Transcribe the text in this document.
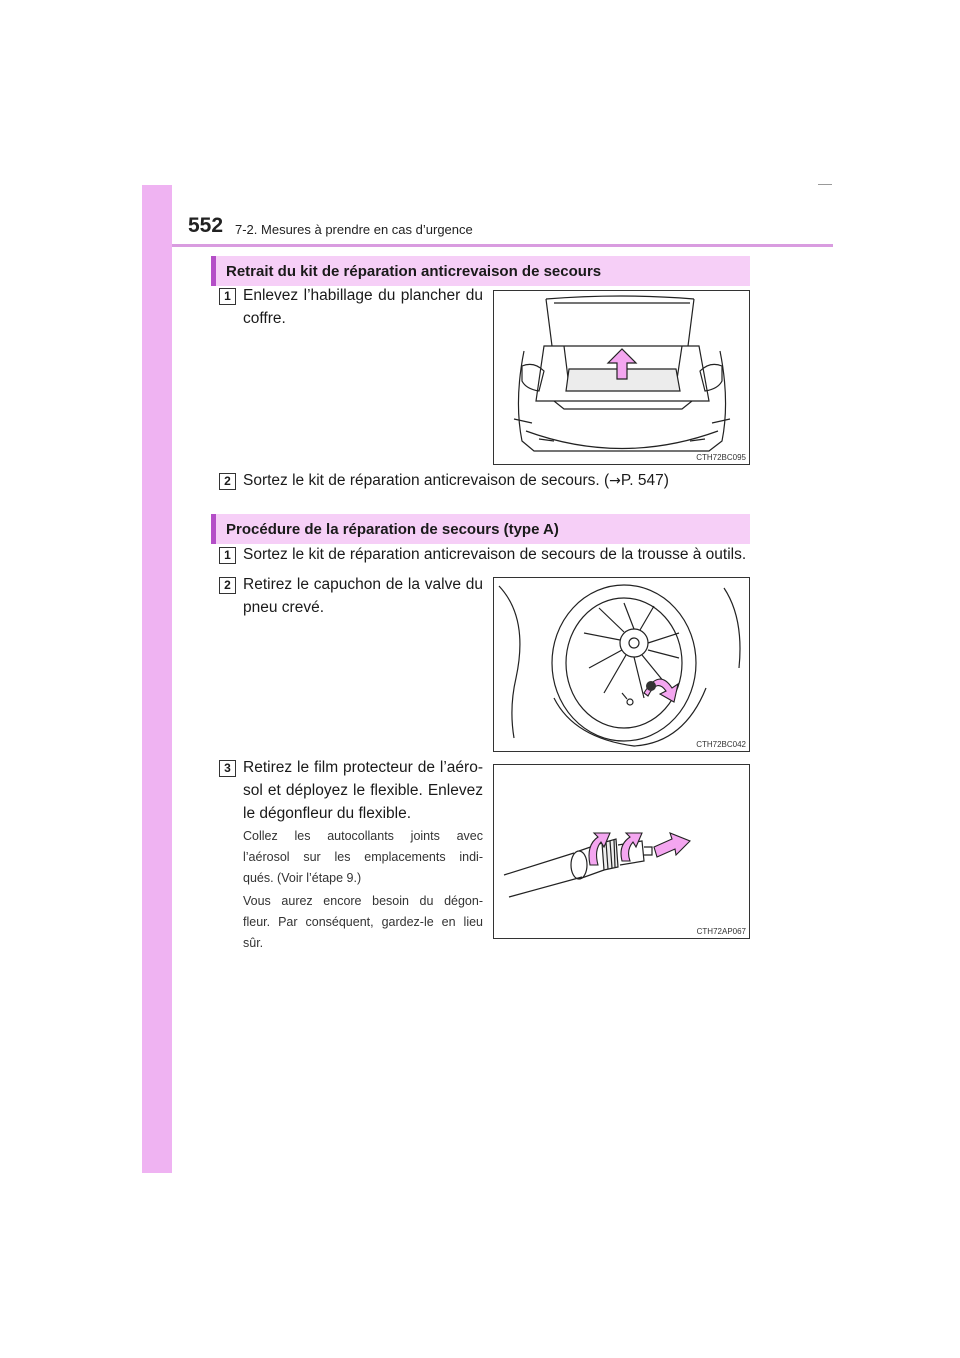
552 7-2. Mesures à prendre en cas d’urgence
Retrait du kit de réparation anticrevaison de secours
1 Enlevez l’habillage du plancher du
coffre.
CTH72BC095
2 Sortez le kit de réparation anticrevaison de secours. (→P. 547)
Procédure de la réparation de secours (type A)
1 Sortez le kit de réparation anticrevaison de secours de la trousse à outils.
2 Retirez le capuchon de la valve du
pneu crevé.
CTH72BC042
3 Retirez le film protecteur de l’aéro-
sol et déployez le flexible. Enlevez
le dégonfleur du flexible.
Collez les autocollants joints avec
l’aérosol sur les emplacements indi-
qués. (Voir l’étape 9.)
Vous aurez encore besoin du dégon-
fleur. Par conséquent, gardez-le en lieu
sûr.
CTH72AP067
